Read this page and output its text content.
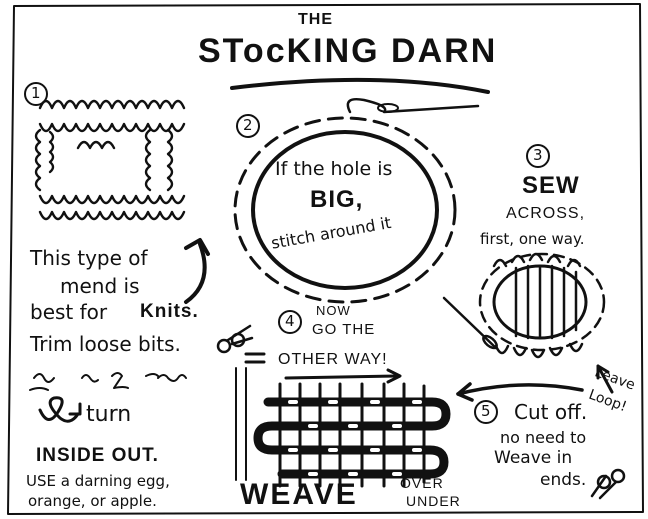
THE
STocKING DARN
1
2
3
4
5
If the hole is
BIG,
stitch around it
This type of
mend is
best for Knits.
Trim loose bits.
turn
INSIDE OUT.
USE a darning egg,
orange, or apple.
SEW
ACROSS,
first, one way.
NOW
GO THE
OTHER WAY!
Leave
Loop!
Cut off.
no need to
Weave in
ends.
WEAVE	OVER
UNDER
